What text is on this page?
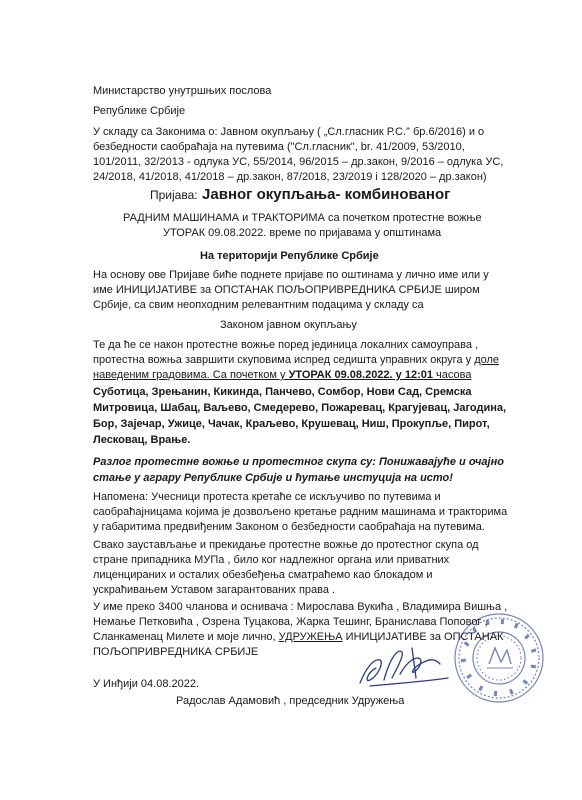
Министарство унутршњих послова
Републике Србије
У складу са Законима о: Јавном окупљању ( „Сл.гласник Р.С." бр.6/2016) и о
безбедности саобраћаја на путевима ("Сл.гласник", br. 41/2009, 53/2010,
101/2011, 32/2013 - одлука УС, 55/2014, 96/2015 – др.закон, 9/2016 – одлука УС,
24/2018, 41/2018, 41/2018 – др.закон, 87/2018, 23/2019 i 128/2020 – др.закон)
Пријава: Јавног окупљања- комбинованог
РАДНИМ МАШИНАМА и ТРАКТОРИМА са почетком протестне вожње
УТОРАК 09.08.2022. време по пријавама у општинама
На територији Републике Србије
На основу ове Пријаве биће поднете пријаве по оштинама у лично име или у
име ИНИЦИЈАТИВЕ за ОПСТАНАК ПОЉОПРИВРЕДНИКА СРБИЈЕ широм
Србије, са свим неопходним релевантним подацима у складу са
Законом јавном окупљању
Те да ће се након протестне вожње поред јединица локалних самоуправа ,
протестна вожња завршити скуповима испред седишта управних округа у доле
наведеним градовима. Са почетком у УТОРАК 09.08.2022. у 12:01 часова
Суботица, Зрењанин, Кикинда, Панчево, Сомбор, Нови Сад, Сремска
Митровица, Шабац, Ваљево, Смедерево, Пожаревац, Крагујевац, Јагодина,
Бор, Зајечар, Ужице, Чачак, Краљево, Крушевац, Ниш, Прокупље, Пирот,
Лесковац, Врање.
Разлог протестне вожње и протестног скупа су: Понижавајуће и очајно
стање у аграру Републике Србије и ћутање инстуција на исто!
Напомена: Учесници протеста кретаће се искључиво по путевима и
саобраћајницама којима је дозвољено кретање радним машинама и тракторима
у габаритима предвиђеним Законом о безбедности саобраћаја на путевима.
Свако заустављање и прекидање протестне вожње до протестног скупа од
стране припадника МУПа , било ког надлежног органа или приватних
лиценцираних и осталих обезбеђења сматраћемо као блокадом и
ускраћивањем Уставом загарантованих права .
У име преко 3400 чланова и оснивача : Мирослава Вукића , Владимира Вишња ,
Немање Петковића , Озрена Туцакова, Жарка Тешинг, Бранислава Поповог ,
Сланкаменац Милете и моје лично, УДРУЖЕЊА ИНИЦИЈАТИВЕ за ОПСТАНАК
ПОЉОПРИВРЕДНИКА СРБИЈЕ
У Инђији 04.08.2022.
Радослав Адамовић , председник Удружења
